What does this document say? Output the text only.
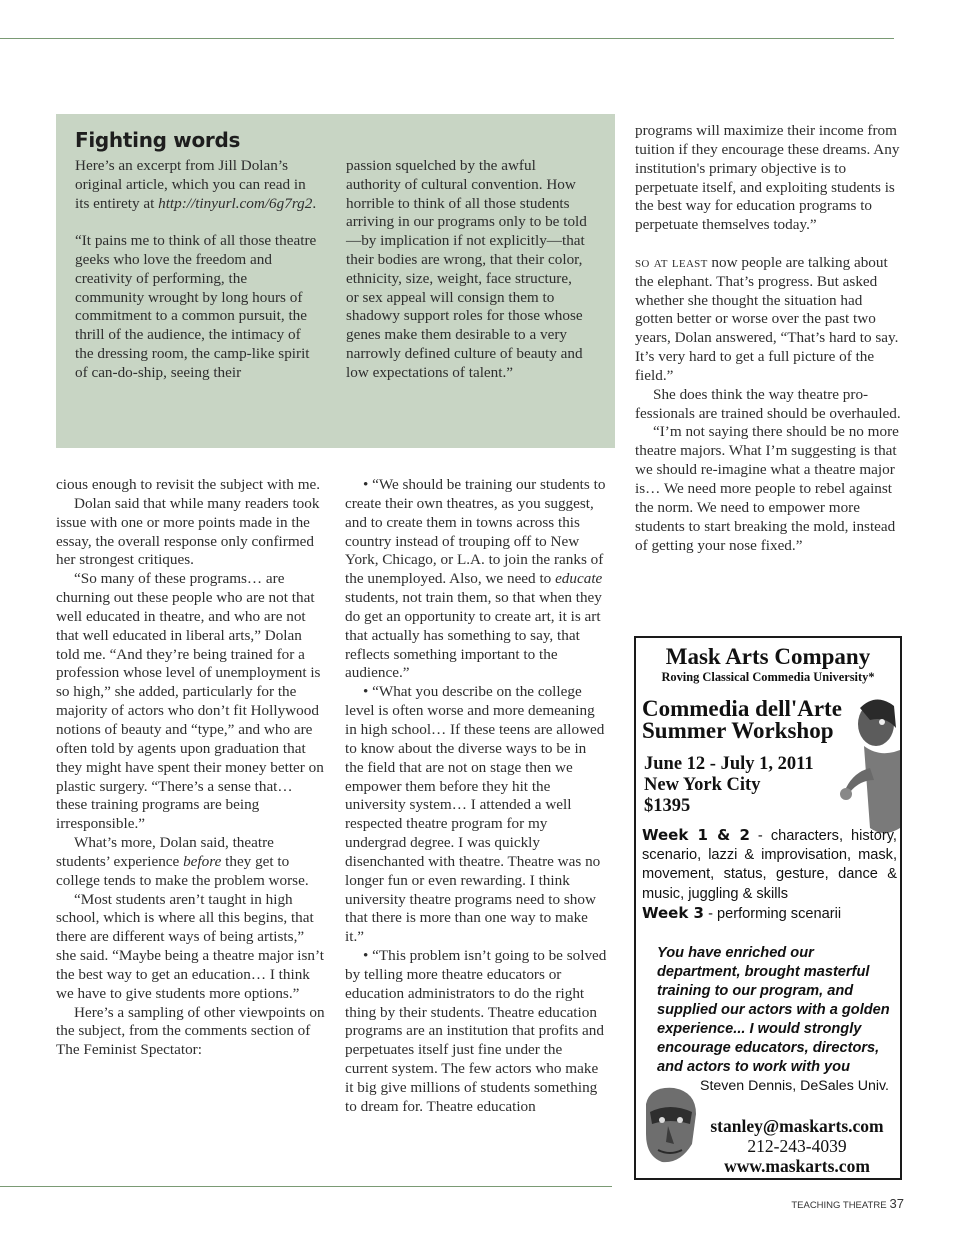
Fighting words

Here’s an excerpt from Jill Dolan’s original article, which you can read in its entirety at http://tinyurl.com/6g7rg2.

“It pains me to think of all those theatre geeks who love the freedom and creativity of performing, the community wrought by long hours of commitment to a common pursuit, the thrill of the audience, the intimacy of the dressing room, the camp-like spirit of can-do-ship, seeing their

passion squelched by the awful authority of cultural convention. How horrible to think of all those students arriving in our programs only to be told—by implication if not explicitly—that their bodies are wrong, that their color, ethnicity, size, weight, face structure, or sex appeal will consign them to shadowy support roles for those whose genes make them desirable to a very narrowly defined culture of beauty and low expectations of talent.”

cious enough to revisit the subject with me.

Dolan said that while many readers took issue with one or more points made in the essay, the overall response only confirmed her strongest critiques.

“So many of these programs… are churning out these people who are not that well educated in theatre, and who are not that well educated in liberal arts,” Dolan told me. “And they’re being trained for a profession whose level of unemployment is so high,” she added, particularly for the majority of actors who don’t fit Hollywood notions of beauty and “type,” and who are often told by agents upon graduation that they might have spent their money better on plastic surgery. “There’s a sense that… these training programs are being irresponsible.”

What’s more, Dolan said, theatre students’ experience before they get to college tends to make the problem worse.

“Most students aren’t taught in high school, which is where all this begins, that there are different ways of being artists,” she said. “Maybe being a theatre major isn’t the best way to get an education… I think we have to give students more options.”

Here’s a sampling of other viewpoints on the subject, from the comments section of The Feminist Spectator:

• “We should be training our students to create their own theatres, as you suggest, and to create them in towns across this country instead of trouping off to New York, Chicago, or L.A. to join the ranks of the unemployed. Also, we need to educate students, not train them, so that when they do get an opportunity to create art, it is art that actually has something to say, that reflects something important to the audience.”

• “What you describe on the college level is often worse and more demeaning in high school… If these teens are allowed to know about the diverse ways to be in the field that are not on stage then we empower them before they hit the university system… I attended a well respected theatre program for my undergrad degree. I was quickly disenchanted with theatre. Theatre was no longer fun or even rewarding. I think university theatre programs need to show that there is more than one way to make it.”

• “This problem isn’t going to be solved by telling more theatre educators or education administrators to do the right thing by their students. Theatre education programs are an institution that profits and perpetuates itself just fine under the current system. The few actors who make it big give millions of students something to dream for. Theatre education

programs will maximize their income from tuition if they encourage these dreams. Any institution's primary objective is to perpetuate itself, and exploiting students is the best way for education programs to perpetuate themselves today.”

so at least now people are talking about the elephant. That’s progress. But asked whether she thought the situation had gotten better or worse over the past two years, Dolan answered, “That’s hard to say. It’s very hard to get a full picture of the field.”

She does think the way theatre professionals are trained should be overhauled.

“I’m not saying there should be no more theatre majors. What I’m suggesting is that we should re-imagine what a theatre major is… We need more people to rebel against the norm. We need to empower more students to start breaking the mold, instead of getting your nose fixed.”

Mask Arts Company
Roving Classical Commedia University*
Commedia dell'Arte
Summer Workshop
June 12 - July 1, 2011
New York City
$1395
Week 1 & 2 - characters, history, scenario, lazzi & improvisation, mask, movement, status, gesture, dance & music, juggling & skills
Week 3 - performing scenarii
You have enriched our department, brought masterful training to our program, and supplied our actors with a golden experience... I would strongly encourage educators, directors, and actors to work with you
Steven Dennis, DeSales Univ.
stanley@maskarts.com
212-243-4039
www.maskarts.com
TEACHING THEATRE 37
